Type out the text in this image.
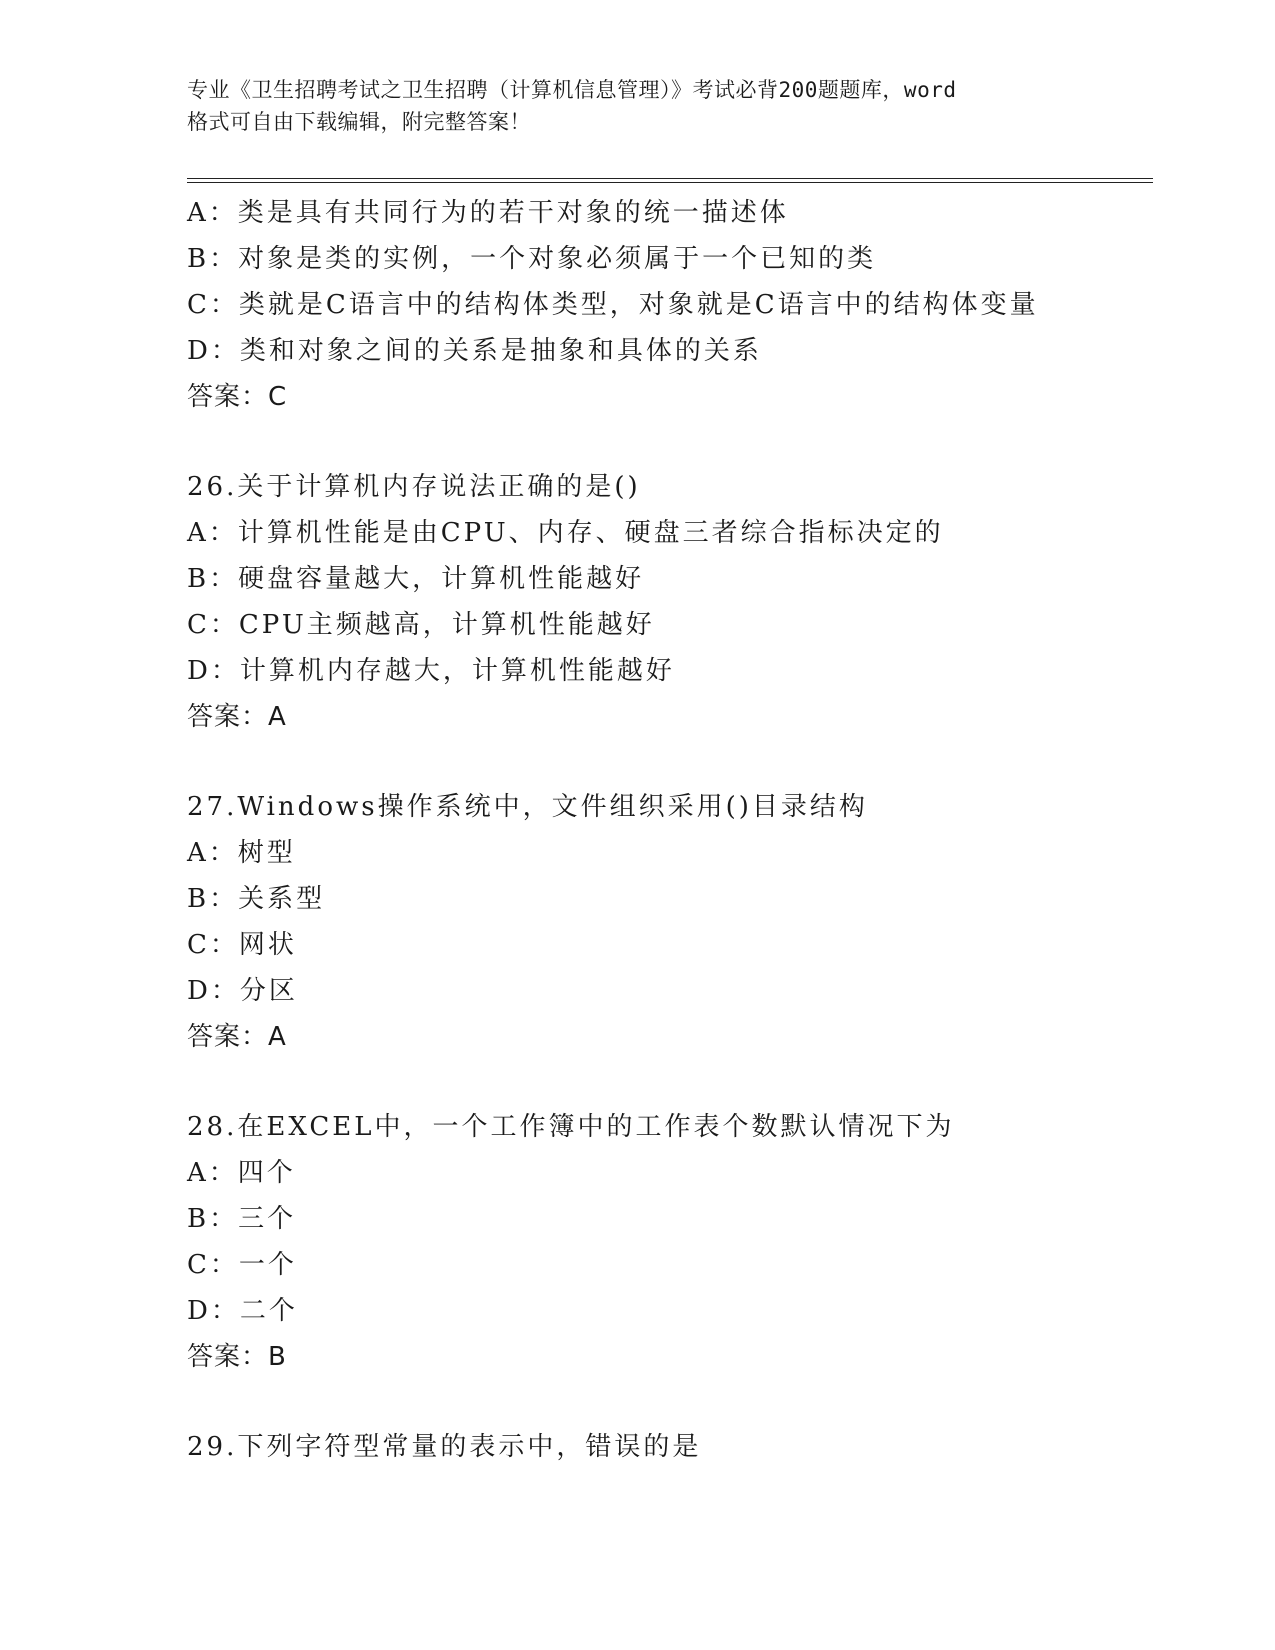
专业《卫生招聘考试之卫生招聘（计算机信息管理）》考试必背200题题库，word
格式可自由下载编辑，附完整答案！
A：类是具有共同行为的若干对象的统一描述体
B：对象是类的实例，一个对象必须属于一个已知的类
C：类就是C语言中的结构体类型，对象就是C语言中的结构体变量
D：类和对象之间的关系是抽象和具体的关系
答案：C
26.关于计算机内存说法正确的是()
A：计算机性能是由CPU、内存、硬盘三者综合指标决定的
B：硬盘容量越大，计算机性能越好
C：CPU主频越高，计算机性能越好
D：计算机内存越大，计算机性能越好
答案：A
27.Windows操作系统中，文件组织采用()目录结构
A：树型
B：关系型
C：网状
D：分区
答案：A
28.在EXCEL中，一个工作簿中的工作表个数默认情况下为
A：四个
B：三个
C：一个
D：二个
答案：B
29.下列字符型常量的表示中，错误的是
